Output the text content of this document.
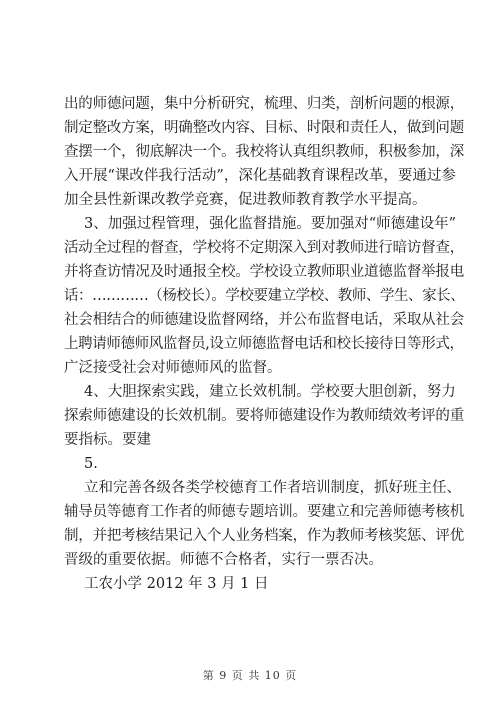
出的师德问题，集中分析研究，梳理、归类，剖析问题的根源，
制定整改方案，明确整改内容、目标、时限和责任人，做到问题
查摆一个，彻底解决一个。我校将认真组织教师，积极参加，深
入开展“课改伴我行活动”，深化基础教育课程改革，要通过参
加全县性新课改教学竞赛，促进教师教育教学水平提高。
3、加强过程管理，强化监督措施。要加强对“师德建设年”
活动全过程的督查，学校将不定期深入到对教师进行暗访督查，
并将查访情况及时通报全校。学校设立教师职业道德监督举报电
话：…………（杨校长）。学校要建立学校、教师、学生、家长、
社会相结合的师德建设监督网络，并公布监督电话，采取从社会
上聘请师德师风监督员,设立师德监督电话和校长接待日等形式，
广泛接受社会对师德师风的监督。
4、大胆探索实践，建立长效机制。学校要大胆创新，努力
探索师德建设的长效机制。要将师德建设作为教师绩效考评的重
要指标。要建
5.
立和完善各级各类学校德育工作者培训制度，抓好班主任、
辅导员等德育工作者的师德专题培训。要建立和完善师德考核机
制，并把考核结果记入个人业务档案，作为教师考核奖惩、评优
晋级的重要依据。师德不合格者，实行一票否决。
工农小学 2012 年 3 月 1 日
第 9 页 共 10 页
